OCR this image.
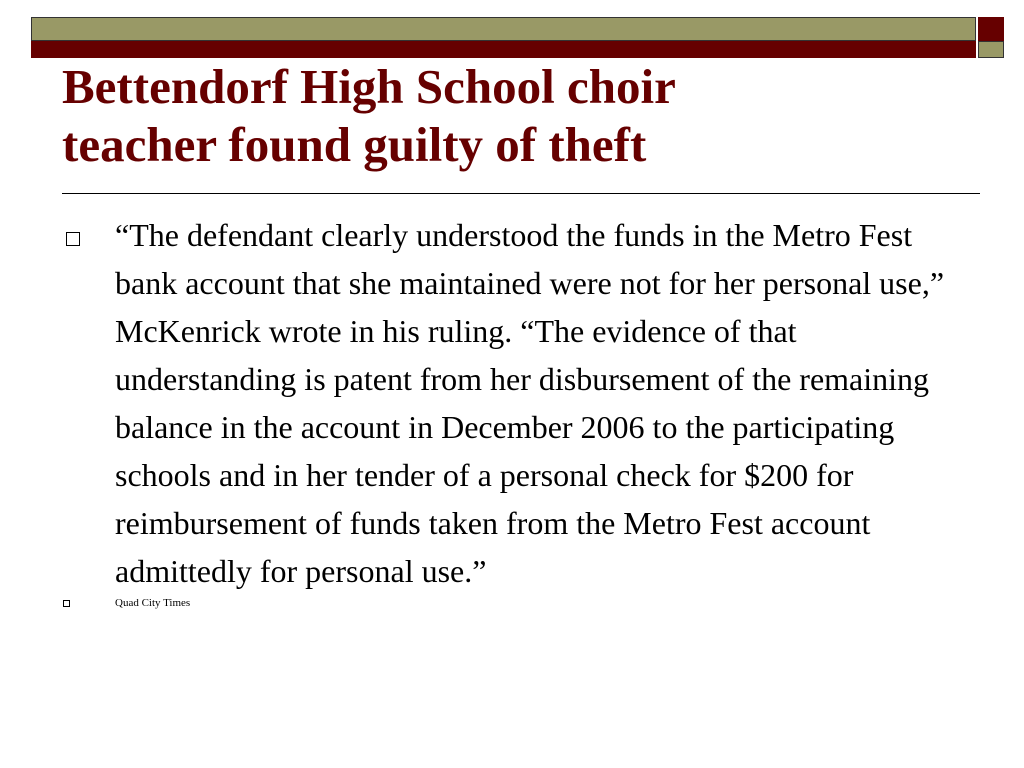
Bettendorf High School choir
teacher found guilty of theft
“The defendant clearly understood the funds in the Metro Fest bank account that she maintained were not for her personal use,” McKenrick wrote in his ruling. “The evidence of that understanding is patent from her disbursement of the remaining balance in the account in December 2006 to the participating schools and in her tender of a personal check for $200 for reimbursement of funds taken from the Metro Fest account admittedly for personal use.”
Quad City Times
